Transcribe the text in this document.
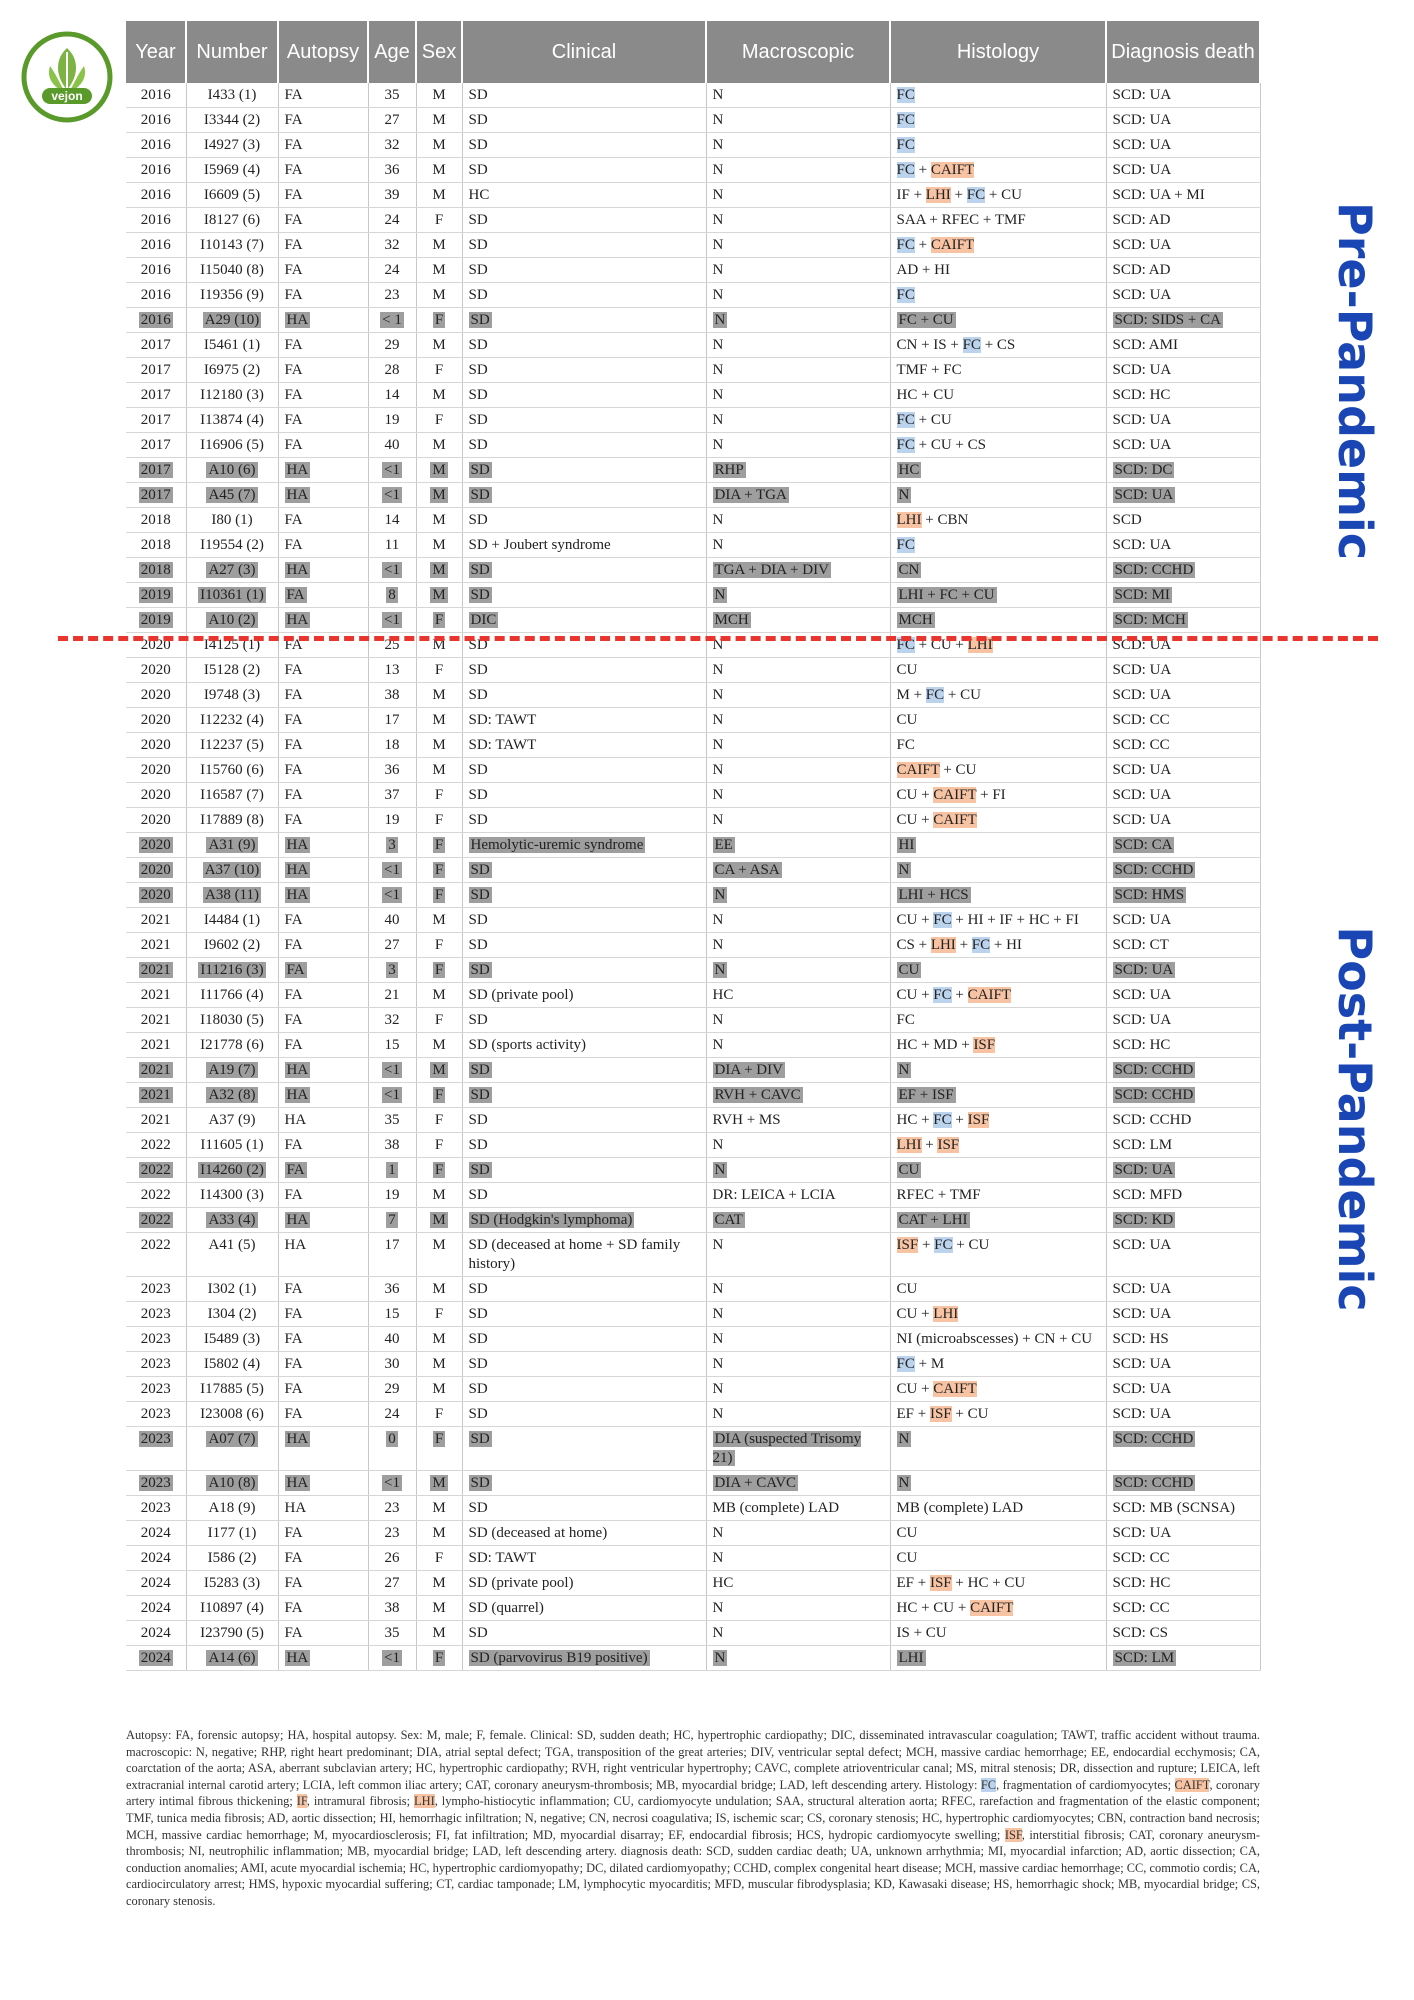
vejon
Year	Number	Autopsy	Age	Sex	Clinical	Macroscopic	Histology	Diagnosis death
2016	I433 (1)	FA	35	M	SD	N	FC	SCD: UA
2016	I3344 (2)	FA	27	M	SD	N	FC	SCD: UA
2016	I4927 (3)	FA	32	M	SD	N	FC	SCD: UA
2016	I5969 (4)	FA	36	M	SD	N	FC + CAIFT	SCD: UA
2016	I6609 (5)	FA	39	M	HC	N	IF + LHI + FC + CU	SCD: UA + MI
2016	I8127 (6)	FA	24	F	SD	N	SAA + RFEC + TMF	SCD: AD
2016	I10143 (7)	FA	32	M	SD	N	FC + CAIFT	SCD: UA
2016	I15040 (8)	FA	24	M	SD	N	AD + HI	SCD: AD
2016	I19356 (9)	FA	23	M	SD	N	FC	SCD: UA
2016	A29 (10)	HA	< 1	F	SD	N	FC + CU	SCD: SIDS + CA
2017	I5461 (1)	FA	29	M	SD	N	CN + IS + FC + CS	SCD: AMI
2017	I6975 (2)	FA	28	F	SD	N	TMF + FC	SCD: UA
2017	I12180 (3)	FA	14	M	SD	N	HC + CU	SCD: HC
2017	I13874 (4)	FA	19	F	SD	N	FC + CU	SCD: UA
2017	I16906 (5)	FA	40	M	SD	N	FC + CU + CS	SCD: UA
2017	A10 (6)	HA	<1	M	SD	RHP	HC	SCD: DC
2017	A45 (7)	HA	<1	M	SD	DIA + TGA	N	SCD: UA
2018	I80 (1)	FA	14	M	SD	N	LHI + CBN	SCD
2018	I19554 (2)	FA	11	M	SD + Joubert syndrome	N	FC	SCD: UA
2018	A27 (3)	HA	<1	M	SD	TGA + DIA + DIV	CN	SCD: CCHD
2019	I10361 (1)	FA	8	M	SD	N	LHI + FC + CU	SCD: MI
2019	A10 (2)	HA	<1	F	DIC	MCH	MCH	SCD: MCH
2020	I4125 (1)	FA	25	M	SD	N	FC + CU + LHI	SCD: UA
2020	I5128 (2)	FA	13	F	SD	N	CU	SCD: UA
2020	I9748 (3)	FA	38	M	SD	N	M + FC + CU	SCD: UA
2020	I12232 (4)	FA	17	M	SD: TAWT	N	CU	SCD: CC
2020	I12237 (5)	FA	18	M	SD: TAWT	N	FC	SCD: CC
2020	I15760 (6)	FA	36	M	SD	N	CAIFT + CU	SCD: UA
2020	I16587 (7)	FA	37	F	SD	N	CU + CAIFT + FI	SCD: UA
2020	I17889 (8)	FA	19	F	SD	N	CU + CAIFT	SCD: UA
2020	A31 (9)	HA	3	F	Hemolytic-uremic syndrome	EE	HI	SCD: CA
2020	A37 (10)	HA	<1	F	SD	CA + ASA	N	SCD: CCHD
2020	A38 (11)	HA	<1	F	SD	N	LHI + HCS	SCD: HMS
2021	I4484 (1)	FA	40	M	SD	N	CU + FC + HI + IF + HC + FI	SCD: UA
2021	I9602 (2)	FA	27	F	SD	N	CS + LHI + FC + HI	SCD: CT
2021	I11216 (3)	FA	3	F	SD	N	CU	SCD: UA
2021	I11766 (4)	FA	21	M	SD (private pool)	HC	CU + FC + CAIFT	SCD: UA
2021	I18030 (5)	FA	32	F	SD	N	FC	SCD: UA
2021	I21778 (6)	FA	15	M	SD (sports activity)	N	HC + MD + ISF	SCD: HC
2021	A19 (7)	HA	<1	M	SD	DIA + DIV	N	SCD: CCHD
2021	A32 (8)	HA	<1	F	SD	RVH + CAVC	EF + ISF	SCD: CCHD
2021	A37 (9)	HA	35	F	SD	RVH + MS	HC + FC + ISF	SCD: CCHD
2022	I11605 (1)	FA	38	F	SD	N	LHI + ISF	SCD: LM
2022	I14260 (2)	FA	1	F	SD	N	CU	SCD: UA
2022	I14300 (3)	FA	19	M	SD	DR: LEICA + LCIA	RFEC + TMF	SCD: MFD
2022	A33 (4)	HA	7	M	SD (Hodgkin's lymphoma)	CAT	CAT + LHI	SCD: KD
2022	A41 (5)	HA	17	M	SD (deceased at home + SD family history)	N	ISF + FC + CU	SCD: UA
2023	I302 (1)	FA	36	M	SD	N	CU	SCD: UA
2023	I304 (2)	FA	15	F	SD	N	CU + LHI	SCD: UA
2023	I5489 (3)	FA	40	M	SD	N	NI (microabscesses) + CN + CU	SCD: HS
2023	I5802 (4)	FA	30	M	SD	N	FC + M	SCD: UA
2023	I17885 (5)	FA	29	M	SD	N	CU + CAIFT	SCD: UA
2023	I23008 (6)	FA	24	F	SD	N	EF + ISF + CU	SCD: UA
2023	A07 (7)	HA	0	F	SD	DIA (suspected Trisomy 21)	N	SCD: CCHD
2023	A10 (8)	HA	<1	M	SD	DIA + CAVC	N	SCD: CCHD
2023	A18 (9)	HA	23	M	SD	MB (complete) LAD	MB (complete) LAD	SCD: MB (SCNSA)
2024	I177 (1)	FA	23	M	SD (deceased at home)	N	CU	SCD: UA
2024	I586 (2)	FA	26	F	SD: TAWT	N	CU	SCD: CC
2024	I5283 (3)	FA	27	M	SD (private pool)	HC	EF + ISF + HC + CU	SCD: HC
2024	I10897 (4)	FA	38	M	SD (quarrel)	N	HC + CU + CAIFT	SCD: CC
2024	I23790 (5)	FA	35	M	SD	N	IS + CU	SCD: CS
2024	A14 (6)	HA	<1	F	SD (parvovirus B19 positive)	N	LHI	SCD: LM
Pre-Pandemic
Post-Pandemic
Autopsy: FA, forensic autopsy; HA, hospital autopsy. Sex: M, male; F, female. Clinical: SD, sudden death; HC, hypertrophic cardiopathy; DIC, disseminated intravascular coagulation; TAWT, traffic accident without trauma. macroscopic: N, negative; RHP, right heart predominant; DIA, atrial septal defect; TGA, transposition of the great arteries; DIV, ventricular septal defect; MCH, massive cardiac hemorrhage; EE, endocardial ecchymosis; CA, coarctation of the aorta; ASA, aberrant subclavian artery; HC, hypertrophic cardiopathy; RVH, right ventricular hypertrophy; CAVC, complete atrioventricular canal; MS, mitral stenosis; DR, dissection and rupture; LEICA, left extracranial internal carotid artery; LCIA, left common iliac artery; CAT, coronary aneurysm-thrombosis; MB, myocardial bridge; LAD, left descending artery. Histology: FC, fragmentation of cardiomyocytes; CAIFT, coronary artery intimal fibrous thickening; IF, intramural fibrosis; LHI, lympho-histiocytic inflammation; CU, cardiomyocyte undulation; SAA, structural alteration aorta; RFEC, rarefaction and fragmentation of the elastic component; TMF, tunica media fibrosis; AD, aortic dissection; HI, hemorrhagic infiltration; N, negative; CN, necrosi coagulativa; IS, ischemic scar; CS, coronary stenosis; HC, hypertrophic cardiomyocytes; CBN, contraction band necrosis; MCH, massive cardiac hemorrhage; M, myocardiosclerosis; FI, fat infiltration; MD, myocardial disarray; EF, endocardial fibrosis; HCS, hydropic cardiomyocyte swelling; ISF, interstitial fibrosis; CAT, coronary aneurysm-thrombosis; NI, neutrophilic inflammation; MB, myocardial bridge; LAD, left descending artery. diagnosis death: SCD, sudden cardiac death; UA, unknown arrhythmia; MI, myocardial infarction; AD, aortic dissection; CA, conduction anomalies; AMI, acute myocardial ischemia; HC, hypertrophic cardiomyopathy; DC, dilated cardiomyopathy; CCHD, complex congenital heart disease; MCH, massive cardiac hemorrhage; CC, commotio cordis; CA, cardiocirculatory arrest; HMS, hypoxic myocardial suffering; CT, cardiac tamponade; LM, lymphocytic myocarditis; MFD, muscular fibrodysplasia; KD, Kawasaki disease; HS, hemorrhagic shock; MB, myocardial bridge; CS, coronary stenosis.
